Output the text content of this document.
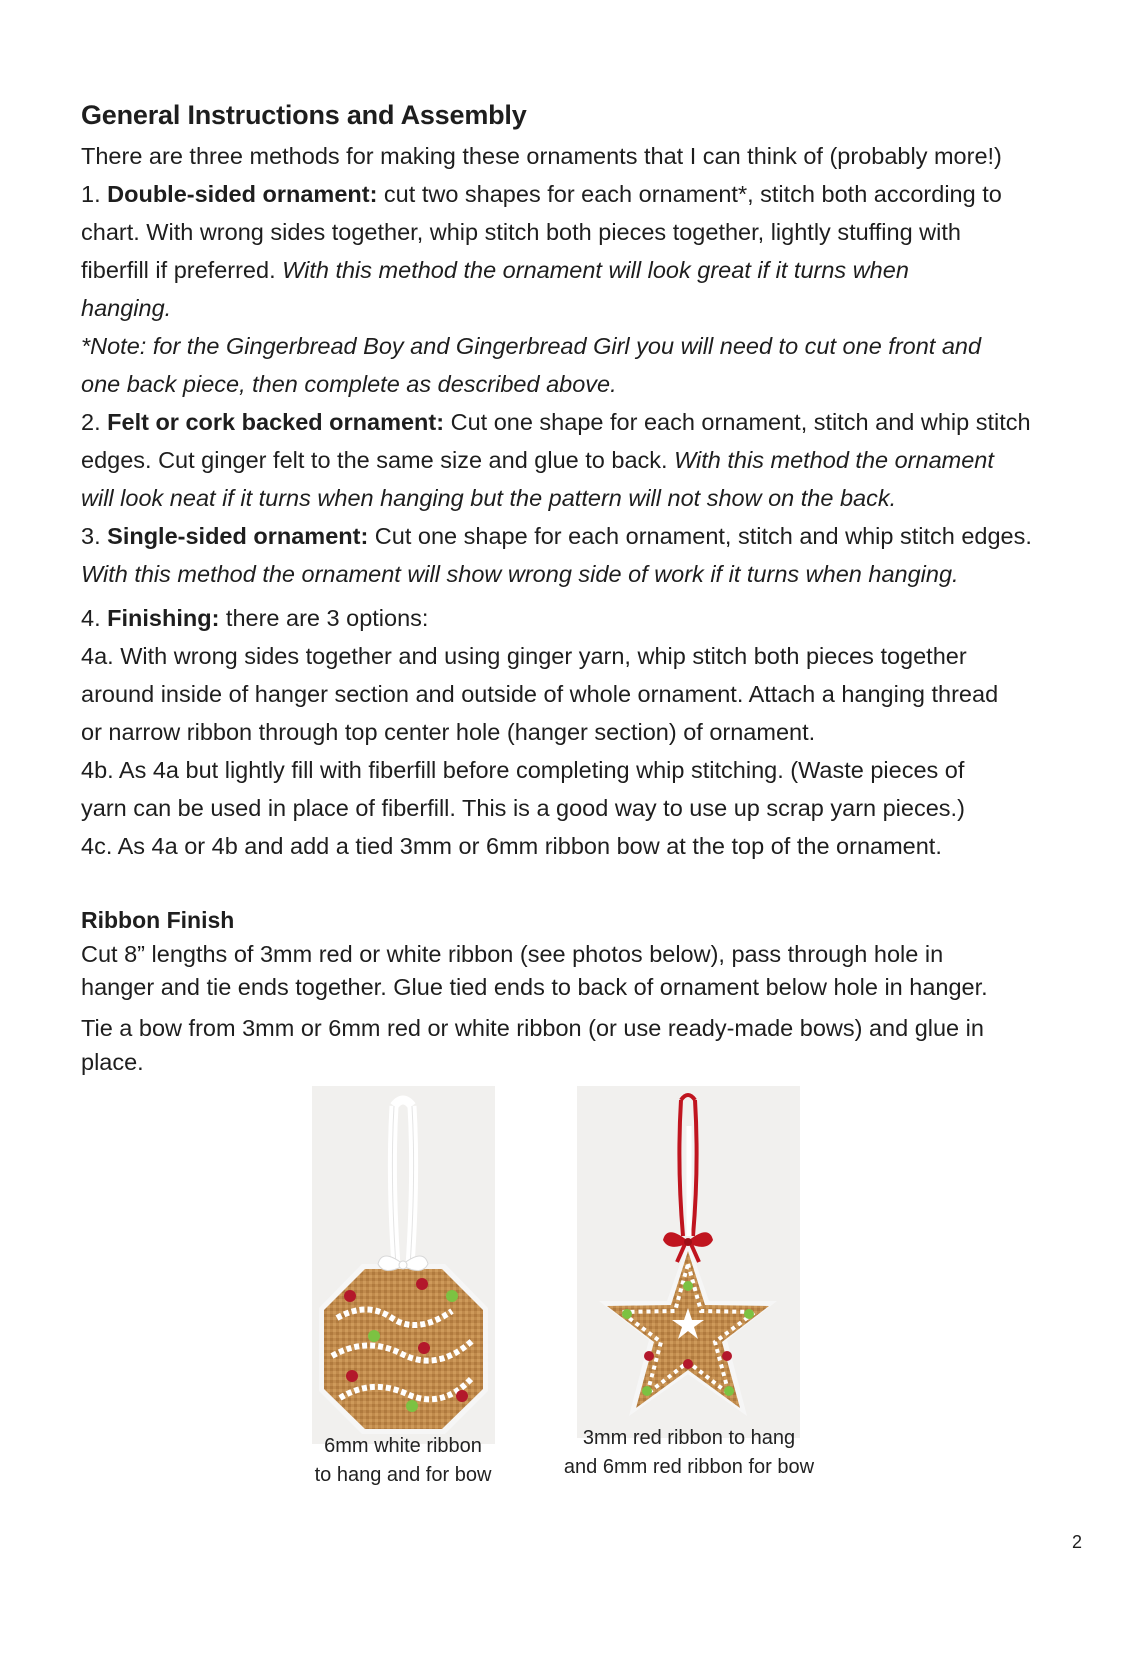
General Instructions and Assembly

There are three methods for making these ornaments that I can think of (probably more!)

1. Double-sided ornament: cut two shapes for each ornament*, stitch both according to

chart. With wrong sides together, whip stitch both pieces together, lightly stuffing with

fiberfill if preferred. With this method the ornament will look great if it turns when

hanging.

*Note: for the Gingerbread Boy and Gingerbread Girl you will need to cut one front and

one back piece, then complete as described above.

2. Felt or cork backed ornament: Cut one shape for each ornament, stitch and whip stitch

edges. Cut ginger felt to the same size and glue to back. With this method the ornament

will look neat if it turns when hanging but the pattern will not show on the back.

3. Single-sided ornament: Cut one shape for each ornament, stitch and whip stitch edges.

With this method the ornament will show wrong side of work if it turns when hanging.

4. Finishing: there are 3 options:

4a. With wrong sides together and using ginger yarn, whip stitch both pieces together

around inside of hanger section and outside of whole ornament. Attach a hanging thread

or narrow ribbon through top center hole (hanger section) of ornament.

4b. As 4a but lightly fill with fiberfill before completing whip stitching. (Waste pieces of

yarn can be used in place of fiberfill. This is a good way to use up scrap yarn pieces.)

4c. As 4a or 4b and add a tied 3mm or 6mm ribbon bow at the top of the ornament.

Ribbon Finish

Cut 8” lengths of 3mm red or white ribbon (see photos below), pass through hole in

hanger and tie ends together. Glue tied ends to back of ornament below hole in hanger.

Tie a bow from 3mm or 6mm red or white ribbon (or use ready-made bows) and glue in

place.

6mm white ribbon
to hang and for bow
3mm red ribbon to hang
and 6mm red ribbon for bow
2
